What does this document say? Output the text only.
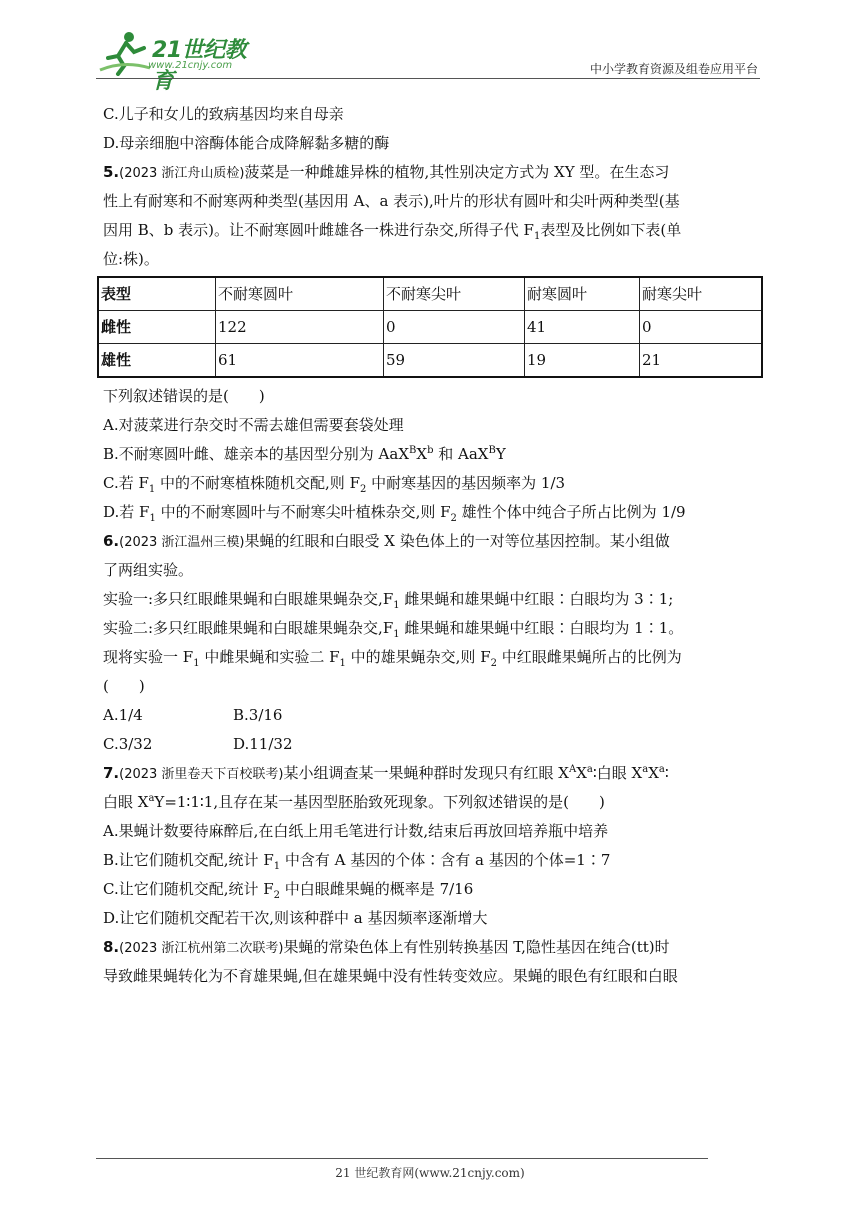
21世纪教育
www.21cnjy.com	中小学教育资源及组卷应用平台

C.儿子和女儿的致病基因均来自母亲

D.母亲细胞中溶酶体能合成降解黏多糖的酶

5.(2023 浙江舟山质检)菠菜是一种雌雄异株的植物,其性别决定方式为 XY 型。在生态习

性上有耐寒和不耐寒两种类型(基因用 A、a 表示),叶片的形状有圆叶和尖叶两种类型(基

因用 B、b 表示)。让不耐寒圆叶雌雄各一株进行杂交,所得子代 $F_1$表型及比例如下表(单

位:株)。

表型	不耐寒圆叶	不耐寒尖叶	耐寒圆叶	耐寒尖叶
雌性	122	0	41	0
雄性	61	59	19	21

下列叙述错误的是(　　)

A.对菠菜进行杂交时不需去雄但需要套袋处理

B.不耐寒圆叶雌、雄亲本的基因型分别为 $AaX^BX^b$ 和 AaX$^B$Y

C.若 $F_1$ 中的不耐寒植株随机交配,则 $F_2$ 中耐寒基因的基因频率为 1/3

D.若 $F_1$ 中的不耐寒圆叶与不耐寒尖叶植株杂交,则 $F_2$ 雄性个体中纯合子所占比例为 1/9

6.(2023 浙江温州三模)果蝇的红眼和白眼受 X 染色体上的一对等位基因控制。某小组做

了两组实验。

实验一:多只红眼雌果蝇和白眼雄果蝇杂交$,F_1$ 雌果蝇和雄果蝇中红眼∶白眼均为 3∶1;

实验二:多只红眼雌果蝇和白眼雄果蝇杂交$,F_1$ 雌果蝇和雄果蝇中红眼∶白眼均为 1∶1。

现将实验一 $F_1$ 中雌果蝇和实验二 $F_1$ 中的雄果蝇杂交,则 $F_2$ 中红眼雌果蝇所占的比例为

(　　)

A.1/4	B.3/16

C.3/32	D.11/32

7.(2023 浙里卷天下百校联考)某小组调查某一果蝇种群时发现只有红眼 $X^AX^a∶$白眼 $X^aX^a∶$

白眼 $X^aY=1∶1∶1$,且存在某一基因型胚胎致死现象。下列叙述错误的是(　　)

A.果蝇计数要待麻醉后,在白纸上用毛笔进行计数,结束后再放回培养瓶中培养

B.让它们随机交配,统计 $F_1$ 中含有 A 基因的个体∶含有 a 基因的个体=1∶7

C.让它们随机交配,统计 $F_2$ 中白眼雌果蝇的概率是 7/16

D.让它们随机交配若干次,则该种群中 a 基因频率逐渐增大

8.(2023 浙江杭州第二次联考)果蝇的常染色体上有性别转换基因 T,隐性基因在纯合(tt)时

导致雌果蝇转化为不育雄果蝇,但在雄果蝇中没有性转变效应。果蝇的眼色有红眼和白眼

21 世纪教育网(www.21cnjy.com)
